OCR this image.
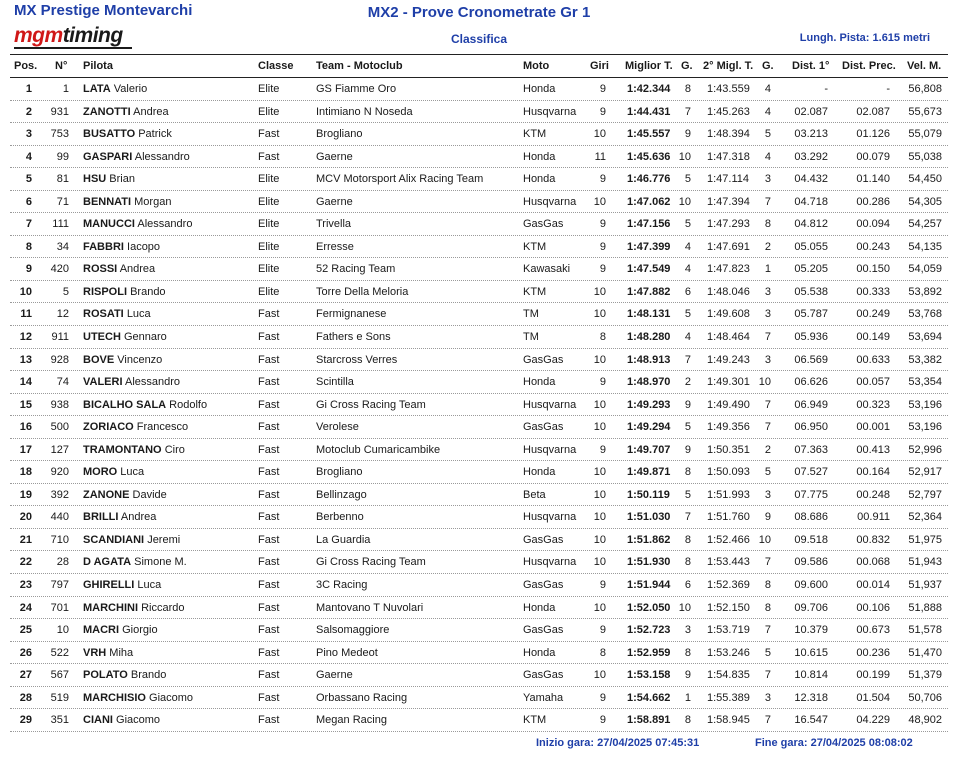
MX Prestige Montevarchi
mgmtiming
MX2 - Prove Cronometrate Gr 1
Classifica	Lungh. Pista: 1.615 metri
Pos. N° Pilota	Classe Team - Motoclub	Moto	Giri Miglior T. G. 2° Migl. T. G. Dist. 1° Dist. Prec. Vel. M.
1	1 LATA Valerio	Elite	GS Fiamme Oro	Honda	9 1:42.344	8 1:43.559	4	-	-	56,808
2	931 ZANOTTI Andrea	Elite	Intimiano N Noseda	Husqvarna	9 1:44.431	7 1:45.263	4	02.087	02.087	55,673
3	753 BUSATTO Patrick	Fast	Brogliano	KTM	10 1:45.557	9 1:48.394	5	03.213	01.126	55,079
4	99 GASPARI Alessandro	Fast	Gaerne	Honda	11 1:45.636 10 1:47.318	4	03.292	00.079	55,038
5	81 HSU Brian	Elite	MCV Motorsport Alix Racing Team	Honda	9 1:46.776	5 1:47.114	3	04.432	01.140	54,450
6	71 BENNATI Morgan	Elite	Gaerne	Husqvarna	10 1:47.062 10 1:47.394	7	04.718	00.286	54,305
7	111 MANUCCI Alessandro	Elite	Trivella	GasGas	9 1:47.156	5 1:47.293	8	04.812	00.094	54,257
8	34 FABBRI Iacopo	Elite	Erresse	KTM	9 1:47.399	4 1:47.691	2	05.055	00.243	54,135
9	420 ROSSI Andrea	Elite	52 Racing Team	Kawasaki	9 1:47.549	4 1:47.823	1	05.205	00.150	54,059
10	5 RISPOLI Brando	Elite	Torre Della Meloria	KTM	10 1:47.882	6 1:48.046	3	05.538	00.333	53,892
11	12 ROSATI Luca	Fast	Fermignanese	TM	10 1:48.131	5 1:49.608	3	05.787	00.249	53,768
12	911 UTECH Gennaro	Fast	Fathers e Sons	TM	8 1:48.280	4 1:48.464	7	05.936	00.149	53,694
13	928 BOVE Vincenzo	Fast	Starcross Verres	GasGas	10 1:48.913	7 1:49.243	3	06.569	00.633	53,382
14	74 VALERI Alessandro	Fast	Scintilla	Honda	9 1:48.970	2 1:49.301 10	06.626	00.057	53,354
15	938 BICALHO SALA Rodolfo	Fast	Gi Cross Racing Team	Husqvarna	10 1:49.293	9 1:49.490	7	06.949	00.323	53,196
16	500 ZORIACO Francesco	Fast	Verolese	GasGas	10 1:49.294	5 1:49.356	7	06.950	00.001	53,196
17	127 TRAMONTANO Ciro	Fast	Motoclub Cumaricambike	Husqvarna	9 1:49.707	9 1:50.351	2	07.363	00.413	52,996
18	920 MORO Luca	Fast	Brogliano	Honda	10 1:49.871	8 1:50.093	5	07.527	00.164	52,917
19	392 ZANONE Davide	Fast	Bellinzago	Beta	10 1:50.119	5 1:51.993	3	07.775	00.248	52,797
20	440 BRILLI Andrea	Fast	Berbenno	Husqvarna	10 1:51.030	7 1:51.760	9	08.686	00.911	52,364
21	710 SCANDIANI Jeremi	Fast	La Guardia	GasGas	10 1:51.862	8 1:52.466 10	09.518	00.832	51,975
22	28 D AGATA Simone M.	Fast	Gi Cross Racing Team	Husqvarna	10 1:51.930	8 1:53.443	7	09.586	00.068	51,943
23	797 GHIRELLI Luca	Fast	3C Racing	GasGas	9 1:51.944	6 1:52.369	8	09.600	00.014	51,937
24	701 MARCHINI Riccardo	Fast	Mantovano T Nuvolari	Honda	10 1:52.050 10 1:52.150	8	09.706	00.106	51,888
25	10 MACRI Giorgio	Fast	Salsomaggiore	GasGas	9 1:52.723	3 1:53.719	7	10.379	00.673	51,578
26	522 VRH Miha	Fast	Pino Medeot	Honda	8 1:52.959	8 1:53.246	5	10.615	00.236	51,470
27	567 POLATO Brando	Fast	Gaerne	GasGas	10 1:53.158	9 1:54.835	7	10.814	00.199	51,379
28	519 MARCHISIO Giacomo	Fast	Orbassano Racing	Yamaha	9 1:54.662	1 1:55.389	3	12.318	01.504	50,706
29	351 CIANI Giacomo	Fast	Megan Racing	KTM	9 1:58.891	8 1:58.945	7	16.547	04.229	48,902
Inizio gara: 27/04/2025 07:45:31	Fine gara: 27/04/2025 08:08:02
